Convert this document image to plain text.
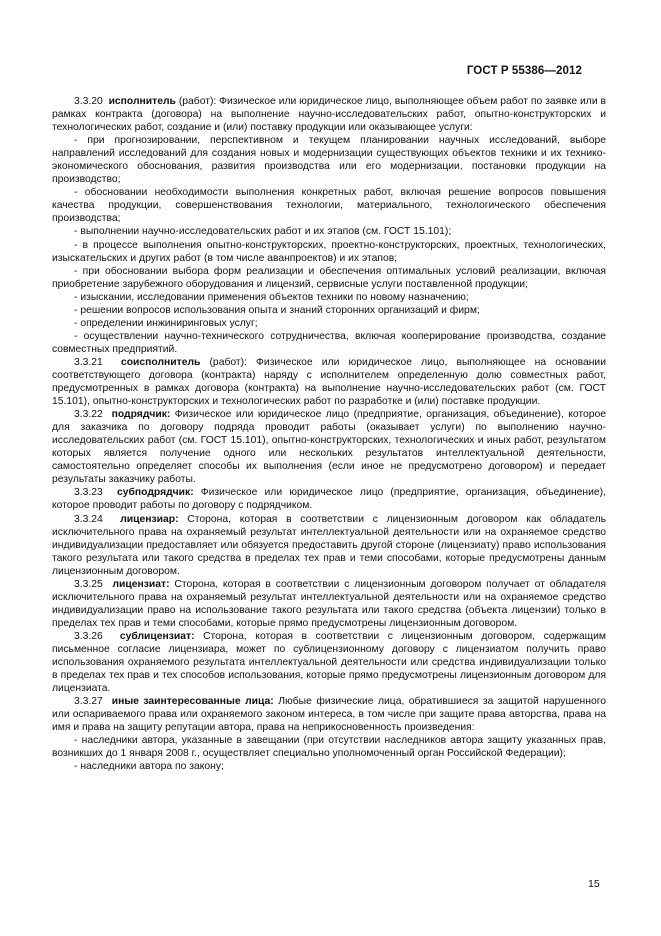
ГОСТ Р 55386—2012

3.3.20 исполнитель (работ): Физическое или юридическое лицо, выполняющее объем работ по заявке или в рамках контракта (договора) на выполнение научно-исследовательских работ, опытно-конструкторских и технологических работ, создание и (или) поставку продукции или оказывающее услуги:

- при прогнозировании, перспективном и текущем планировании научных исследований, выборе направлений исследований для создания новых и модернизации существующих объектов техники и их технико-экономического обоснования, развития производства или его модернизации, постановки продукции на производство;

- обосновании необходимости выполнения конкретных работ, включая решение вопросов повышения качества продукции, совершенствования технологии, материального, технологического обеспечения производства;

- выполнении научно-исследовательских работ и их этапов (см. ГОСТ 15.101);

- в процессе выполнения опытно-конструкторских, проектно-конструкторских, проектных, технологических, изыскательских и других работ (в том числе аванпроектов) и их этапов;

- при обосновании выбора форм реализации и обеспечения оптимальных условий реализации, включая приобретение зарубежного оборудования и лицензий, сервисные услуги поставленной продукции;

- изыскании, исследовании применения объектов техники по новому назначению;

- решении вопросов использования опыта и знаний сторонних организаций и фирм;

- определении инжиниринговых услуг;

- осуществлении научно-технического сотрудничества, включая кооперирование производства, создание совместных предприятий.

3.3.21 соисполнитель (работ): Физическое или юридическое лицо, выполняющее на основании соответствующего договора (контракта) наряду с исполнителем определенную долю совместных работ, предусмотренных в рамках договора (контракта) на выполнение научно-исследовательских работ (см. ГОСТ 15.101), опытно-конструкторских и технологических работ по разработке и (или) поставке продукции.

3.3.22 подрядчик: Физическое или юридическое лицо (предприятие, организация, объединение), которое для заказчика по договору подряда проводит работы (оказывает услуги) по выполнению научно-исследовательских работ (см. ГОСТ 15.101), опытно-конструкторских, технологических и иных работ, результатом которых является получение одного или нескольких результатов интеллектуальной деятельности, самостоятельно определяет способы их выполнения (если иное не предусмотрено договором) и передает результаты заказчику работы.

3.3.23 субподрядчик: Физическое или юридическое лицо (предприятие, организация, объединение), которое проводит работы по договору с подрядчиком.

3.3.24 лицензиар: Сторона, которая в соответствии с лицензионным договором как обладатель исключительного права на охраняемый результат интеллектуальной деятельности или на охраняемое средство индивидуализации предоставляет или обязуется предоставить другой стороне (лицензиату) право использования такого результата или такого средства в пределах тех прав и теми способами, которые предусмотрены данным лицензионным договором.

3.3.25 лицензиат: Сторона, которая в соответствии с лицензионным договором получает от обладателя исключительного права на охраняемый результат интеллектуальной деятельности или на охраняемое средство индивидуализации право на использование такого результата или такого средства (объекта лицензии) только в пределах тех прав и теми способами, которые прямо предусмотрены лицензионным договором.

3.3.26 сублицензиат: Сторона, которая в соответствии с лицензионным договором, содержащим письменное согласие лицензиара, может по сублицензионному договору с лицензиатом получить право использования охраняемого результата интеллектуальной деятельности или средства индивидуализации только в пределах тех прав и тех способов использования, которые прямо предусмотрены лицензионным договором для лицензиата.

3.3.27 иные заинтересованные лица: Любые физические лица, обратившиеся за защитой нарушенного или оспариваемого права или охраняемого законом интереса, в том числе при защите права авторства, права на имя и права на защиту репутации автора, права на неприкосновенность произведения:

- наследники автора, указанные в завещании (при отсутствии наследников автора защиту указанных прав, возникших до 1 января 2008 г., осуществляет специально уполномоченный орган Российской Федерации);

- наследники автора по закону;

15
